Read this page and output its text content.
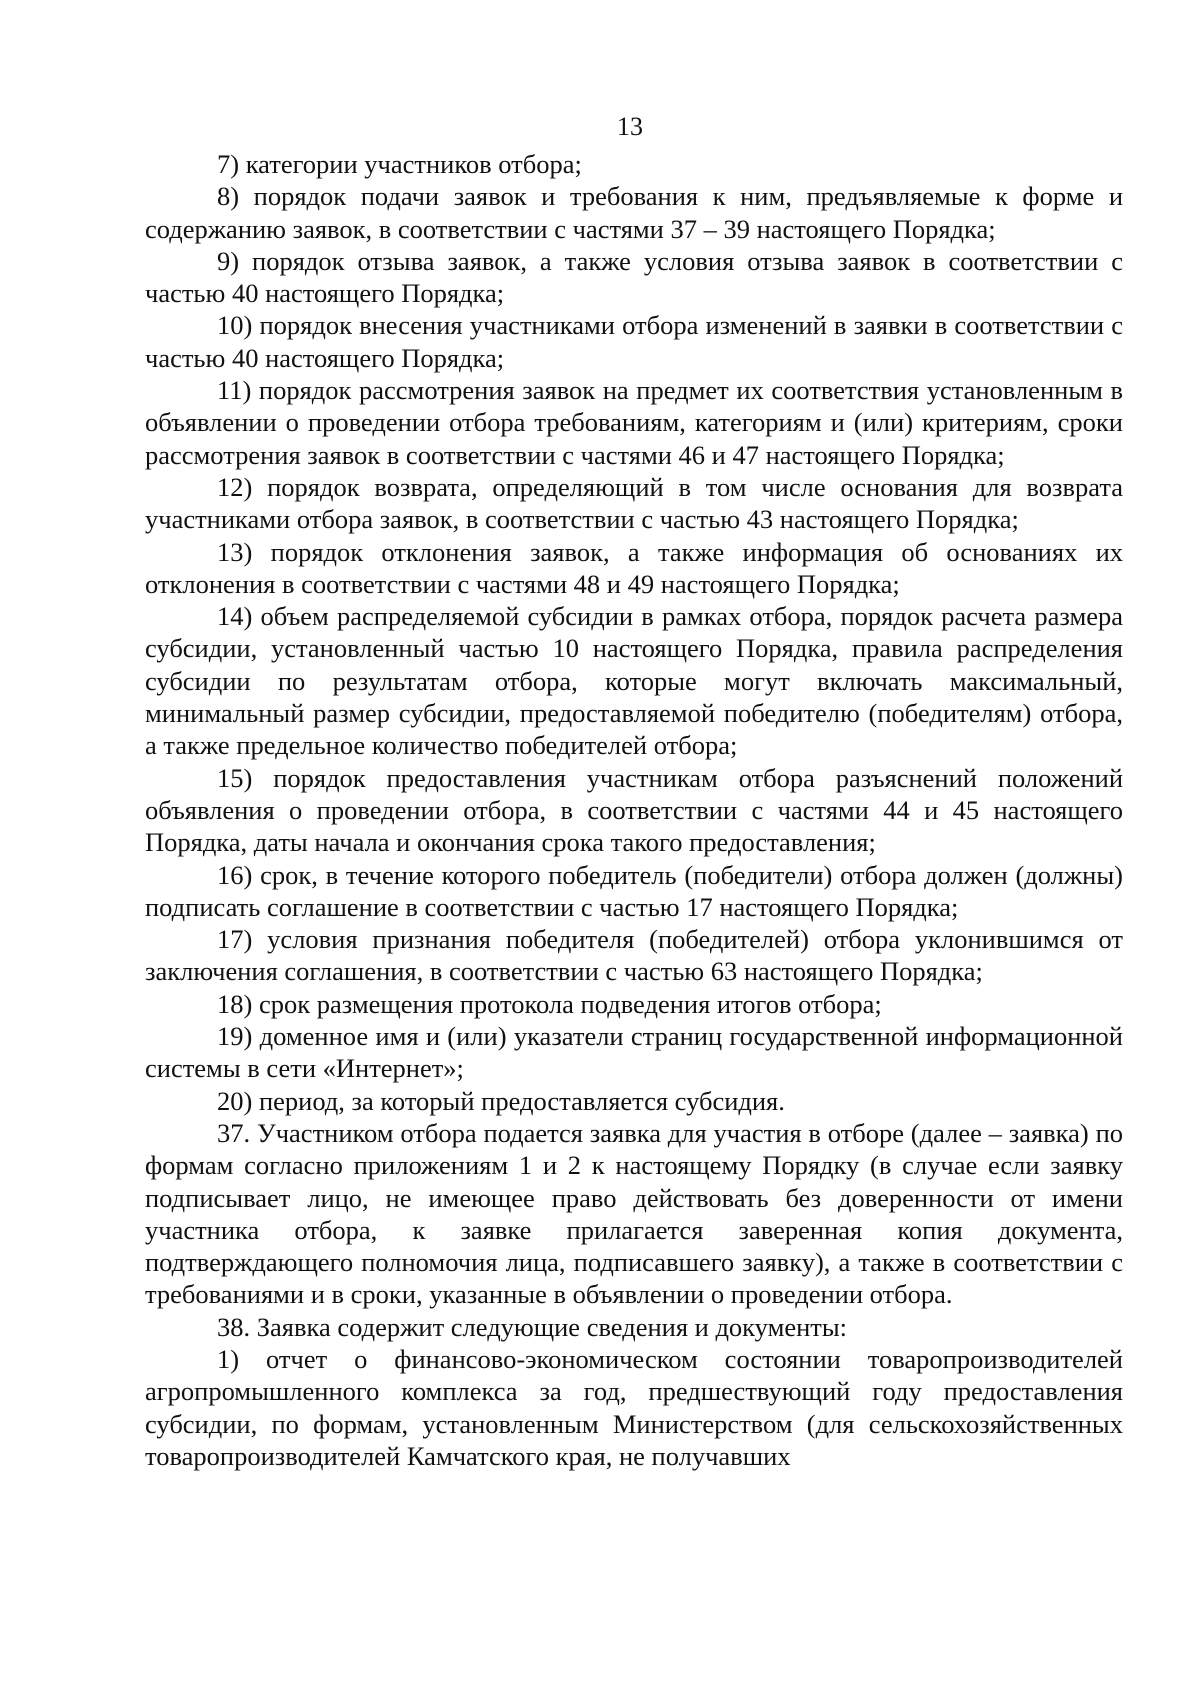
13

7) категории участников отбора;

8) порядок подачи заявок и требования к ним, предъявляемые к форме и содержанию заявок, в соответствии с частями 37 – 39 настоящего Порядка;

9) порядок отзыва заявок, а также условия отзыва заявок в соответствии с частью 40 настоящего Порядка;

10) порядок внесения участниками отбора изменений в заявки в соответствии с частью 40 настоящего Порядка;

11) порядок рассмотрения заявок на предмет их соответствия установленным в объявлении о проведении отбора требованиям, категориям и (или) критериям, сроки рассмотрения заявок в соответствии с частями 46 и 47 настоящего Порядка;

12) порядок возврата, определяющий в том числе основания для возврата участниками отбора заявок, в соответствии с частью 43 настоящего Порядка;

13) порядок отклонения заявок, а также информация об основаниях их отклонения в соответствии с частями 48 и 49 настоящего Порядка;

14) объем распределяемой субсидии в рамках отбора, порядок расчета размера субсидии, установленный частью 10 настоящего Порядка, правила распределения субсидии по результатам отбора, которые могут включать максимальный, минимальный размер субсидии, предоставляемой победителю (победителям) отбора, а также предельное количество победителей отбора;

15) порядок предоставления участникам отбора разъяснений положений объявления о проведении отбора, в соответствии с частями 44 и 45 настоящего Порядка, даты начала и окончания срока такого предоставления;

16) срок, в течение которого победитель (победители) отбора должен (должны) подписать соглашение в соответствии с частью 17 настоящего Порядка;

17) условия признания победителя (победителей) отбора уклонившимся от заключения соглашения, в соответствии с частью 63 настоящего Порядка;

18) срок размещения протокола подведения итогов отбора;

19) доменное имя и (или) указатели страниц государственной информационной системы в сети «Интернет»;

20) период, за который предоставляется субсидия.

37. Участником отбора подается заявка для участия в отборе (далее – заявка) по формам согласно приложениям 1 и 2 к настоящему Порядку (в случае если заявку подписывает лицо, не имеющее право действовать без доверенности от имени участника отбора, к заявке прилагается заверенная копия документа, подтверждающего полномочия лица, подписавшего заявку), а также в соответствии с требованиями и в сроки, указанные в объявлении о проведении отбора.

38. Заявка содержит следующие сведения и документы:

1) отчет о финансово-экономическом состоянии товаропроизводителей агропромышленного комплекса за год, предшествующий году предоставления субсидии, по формам, установленным Министерством (для сельскохозяйственных товаропроизводителей Камчатского края, не получавших
